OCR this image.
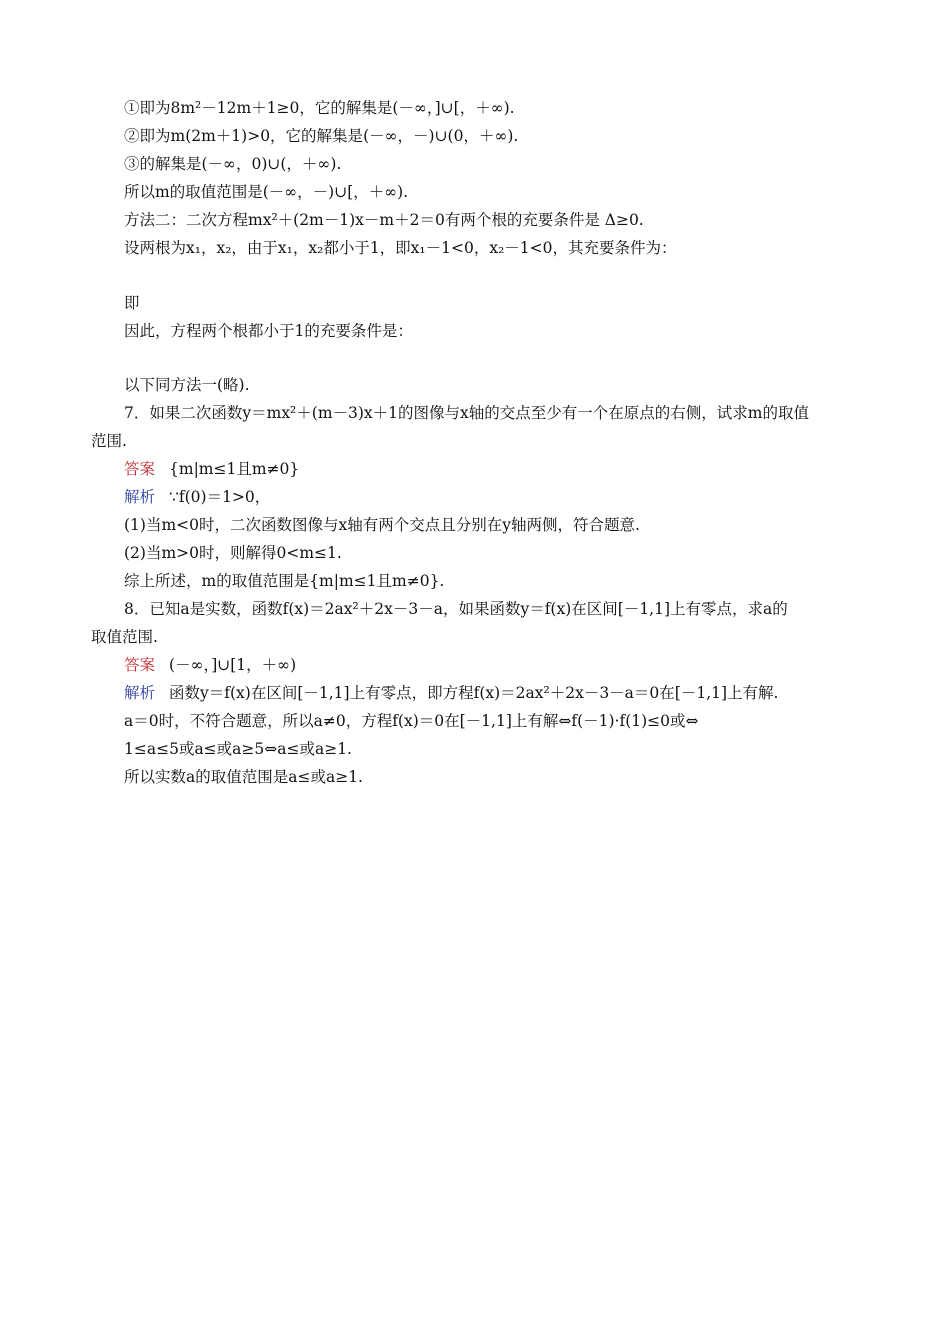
①即为8m²－12m＋1≥0，它的解集是(－∞，]∪[，＋∞).
②即为m(2m＋1)>0，它的解集是(－∞，－)∪(0，＋∞).
③的解集是(－∞，0)∪(，＋∞).
所以m的取值范围是(－∞，－)∪[，＋∞).
方法二：二次方程mx²＋(2m－1)x－m＋2＝0有两个根的充要条件是 Δ≥0.
设两根为x₁，x₂，由于x₁，x₂都小于1，即x₁－1<0，x₂－1<0，其充要条件为：
即
因此，方程两个根都小于1的充要条件是：
以下同方法一(略).
7．如果二次函数y＝mx²＋(m－3)x＋1的图像与x轴的交点至少有一个在原点的右侧，试求m的取值
范围.
答案 {m|m≤1且m≠0}
解析 ∵f(0)＝1>0，
(1)当m<0时，二次函数图像与x轴有两个交点且分别在y轴两侧，符合题意.
(2)当m>0时，则解得0<m≤1.
综上所述，m的取值范围是{m|m≤1且m≠0}.
8．已知a是实数，函数f(x)＝2ax²＋2x－3－a，如果函数y＝f(x)在区间[－1,1]上有零点，求a的
取值范围.
答案 (－∞，]∪[1，＋∞)
解析 函数y＝f(x)在区间[－1,1]上有零点，即方程f(x)＝2ax²＋2x－3－a＝0在[－1,1]上有解.
a＝0时，不符合题意，所以a≠0，方程f(x)＝0在[－1,1]上有解⇔f(－1)·f(1)≤0或⇔
1≤a≤5或a≤或a≥5⇔a≤或a≥1.
所以实数a的取值范围是a≤或a≥1.
